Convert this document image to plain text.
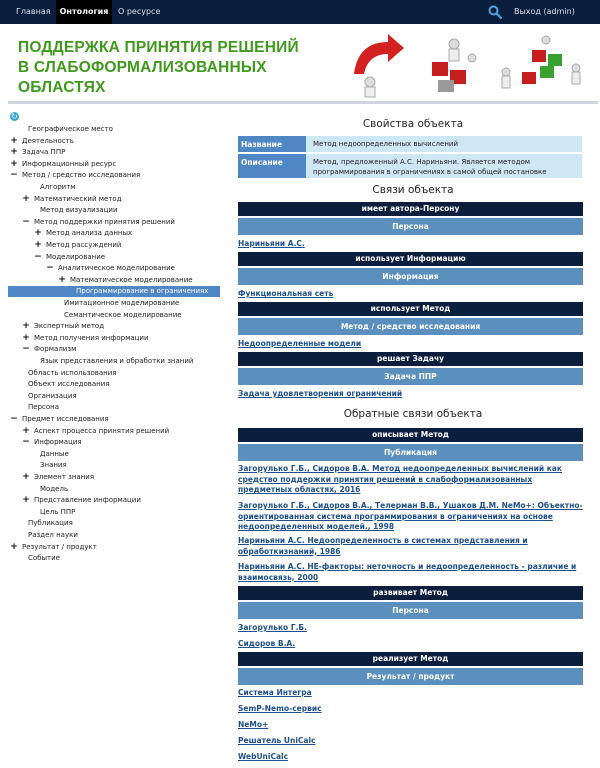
Главная	Онтология	О ресурсе	Выход (admin)
ПОДДЕРЖКА ПРИНЯТИЯ РЕШЕНИЙ
В СЛАБОФОРМАЛИЗОВАННЫХ
ОБЛАСТЯХ
↻
Географическое место
+ Деятельность
+ Задача ППР
+ Информационный ресурс
− Метод / средство исследования
Алгоритм
+ Математический метод
Метод визуализации
− Метод поддержки принятия решений
+ Метод анализа данных
+ Метод рассуждений
− Моделирование
− Аналитическое моделирование
+ Математическое моделирование
Программирование в ограничениях
Имитационное моделирование
Семантическое моделирование
+ Экспертный метод
+ Метод получения информации
− Формализм
Язык представления и обработки знаний
Область использования
Объект исследования
Организация
Персона
− Предмет исследования
+ Аспект процесса принятия решений
− Информация
Данные
Знания
+ Элемент знания
Модель
+ Представление информации
Цель ППР
Публикация
Раздел науки
+ Результат / продукт
Событие
Свойства объекта
Название	Метод недоопределенных вычислений
Описание	Метод, предложенный А.С. Нариньяни. Является методом программирования в ограничениях в самой общей постановке
Связи объекта
имеет автора-Персону
Персона
Нариньяни А.С.
использует Информацию
Информация
Функциональная сеть
использует Метод
Метод / средство исследования
Недоопределенные модели
решает Задачу
Задача ППР
Задача удовлетворения ограничений
Обратные связи объекта
описывает Метод
Публикация
Загорулько Г.Б., Сидоров В.А. Метод недоопределенных вычислений как средство поддержки принятия решений в слабоформализованных предметных областях, 2016
Загорулько Г.Б., Сидоров В.А., Телерман В.В., Ушаков Д.М. NeMo+: Объектно-ориентированная система программирования в ограничениях на основе недоопределенных моделей., 1998
Нариньяни А.С. Недоопределенность в системах представления и обработкизнаний, 1986
Нариньяни А.С. НЕ-факторы: неточность и недоопределенность - различие и взаимосвязь, 2000
развивает Метод
Персона
Загорулько Г.Б.
Сидоров В.А.
реализует Метод
Результат / продукт
Система Интегра
SemP-Nemo-сервис
NeMo+
Решатель UniCalc
WebUniCalc
